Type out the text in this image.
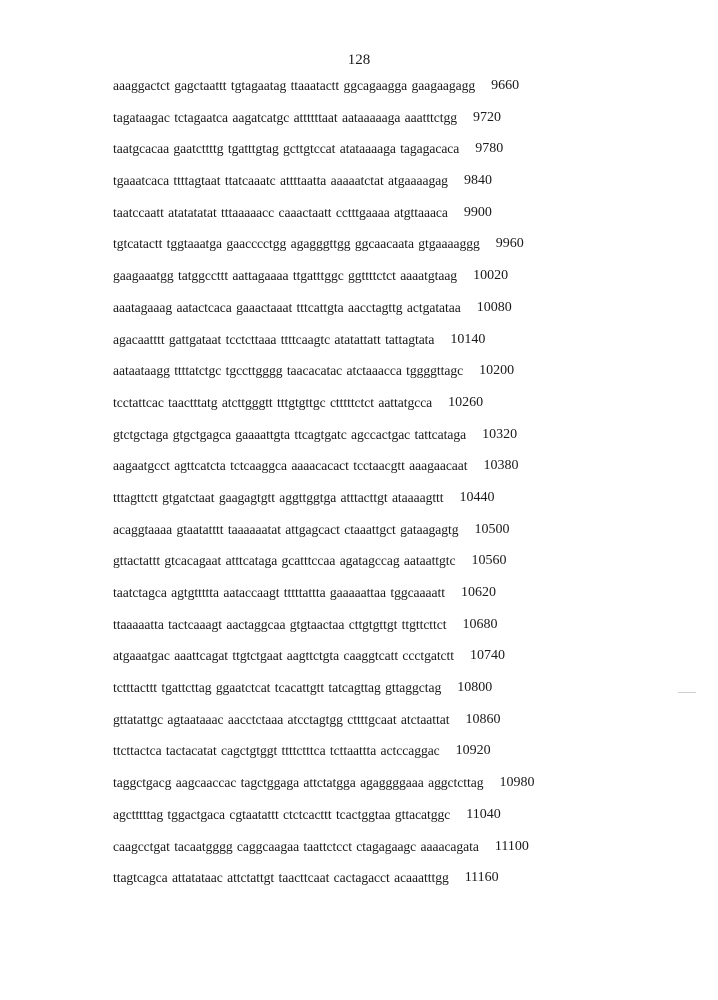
128
aaaggactct gagctaattt tgtagaatag ttaaatactt ggcagaagga gaagaagagg 9660
tagataagac tctagaatca aagatcatgc attttttaat aataaaaaga aaatttctgg 9720
taatgcacaa gaatcttttg tgatttgtag gcttgtccat atataaaaga tagagacaca 9780
tgaaatcaca ttttagtaat ttatcaaatc attttaatta aaaaatctat atgaaaagag 9840
taatccaatt atatatatat tttaaaaacc caaactaatt cctttgaaaa atgttaaaca 9900
tgtcatactt tggtaaatga gaacccctgg agagggttgg ggcaacaata gtgaaaaggg 9960
gaagaaatgg tatggccttt aattagaaaa ttgatttggc ggttttctct aaaatgtaag 10020
aaatagaaag aatactcaca gaaactaaat tttcattgta aacctagttg actgatataa 10080
agacaatttt gattgataat tcctcttaaa ttttcaagtc atatattatt tattagtata 10140
aataataagg ttttatctgc tgccttgggg taacacatac atctaaacca tggggttagc 10200
tcctattcac taactttatg atcttgggtt tttgtgttgc ctttttctct aattatgcca 10260
gtctgctaga gtgctgagca gaaaattgta ttcagtgatc agccactgac tattcataga 10320
aagaatgcct agttcatcta tctcaaggca aaaacacact tcctaacgtt aaagaacaat 10380
tttagttctt gtgatctaat gaagagtgtt aggttggtga atttacttgt ataaaagttt 10440
acaggtaaaa gtaatatttt taaaaaatat attgagcact ctaaattgct gataagagtg 10500
gttactattt gtcacagaat atttcataga gcatttccaa agatagccag aataattgtc 10560
taatctagca agtgttttta aataccaagt tttttattta gaaaaattaa tggcaaaatt 10620
ttaaaaatta tactcaaagt aactaggcaa gtgtaactaa cttgtgttgt ttgttcttct 10680
atgaaatgac aaattcagat ttgtctgaat aagttctgta caaggtcatt ccctgatctt 10740
tctttacttt tgattcttag ggaatctcat tcacattgtt tatcagttag gttaggctag 10800
gttatattgc agtaataaac aacctctaaa atcctagtgg cttttgcaat atctaattat 10860
ttcttactca tactacatat cagctgtggt ttttctttca tcttaattta actccaggac 10920
taggctgacg aagcaaccac tagctggaga attctatgga agaggggaaa aggctcttag 10980
agctttttag tggactgaca cgtaatattt ctctcacttt tcactggtaa gttacatggc 11040
caagcctgat tacaatgggg caggcaagaa taattctcct ctagagaagc aaaacagata 11100
ttagtcagca attatataac attctattgt taacttcaat cactagacct acaaatttgg 11160
